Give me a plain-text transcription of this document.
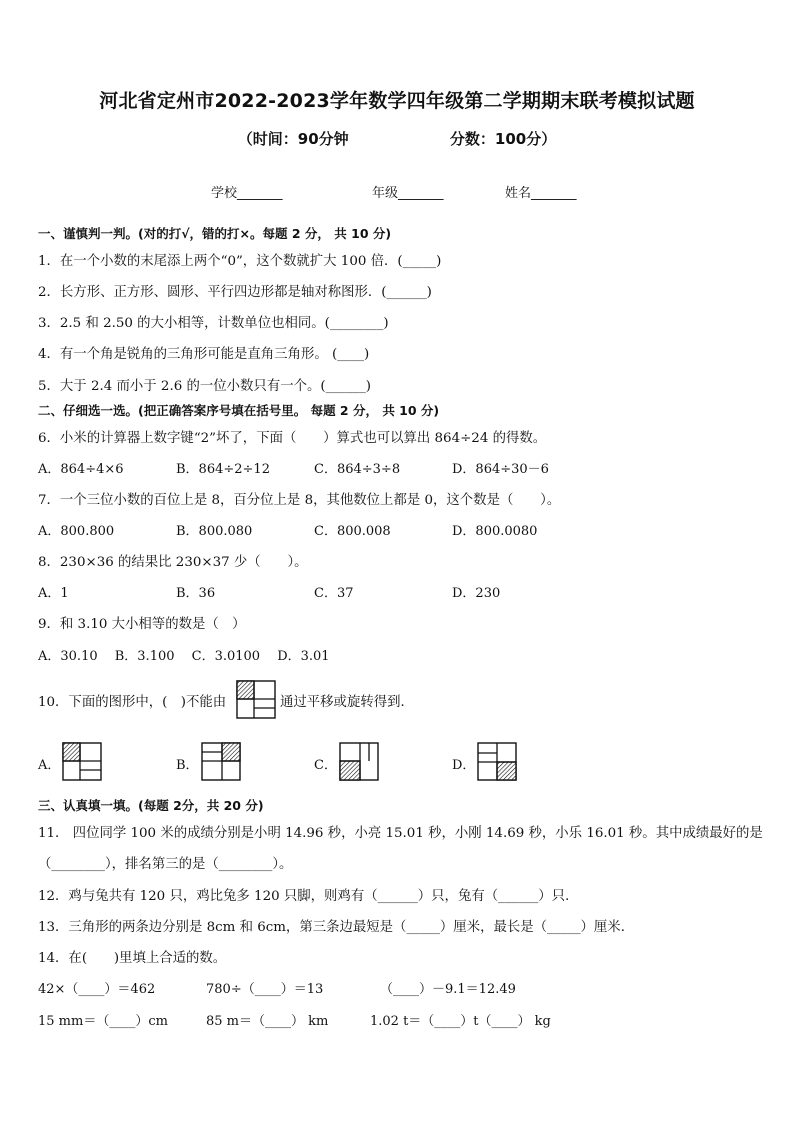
河北省定州市2022-2023学年数学四年级第二学期期末联考模拟试题
（时间：90分钟	分数：100分）
学校_______	年级_______	姓名_______
一、谨慎判一判。(对的打√，错的打×。每题 2 分， 共 10 分)
1．在一个小数的末尾添上两个“0”，这个数就扩大 100 倍．(_____)
2．长方形、正方形、圆形、平行四边形都是轴对称图形．(______)
3．2.5 和 2.50 的大小相等，计数单位也相同。(________)
4．有一个角是锐角的三角形可能是直角三角形。 (____)
5．大于 2.4 而小于 2.6 的一位小数只有一个。(______)
二、仔细选一选。(把正确答案序号填在括号里。 每题 2 分， 共 10 分)
6．小米的计算器上数字键“2”坏了，下面（　　）算式也可以算出 864÷24 的得数。
A．864÷4×6	B．864÷2÷12	C．864÷3÷8	D．864÷30－6
7．一个三位小数的百位上是 8，百分位上是 8，其他数位上都是 0，这个数是（　　）。
A．800.800	B．800.080	C．800.008	D．800.0080
8．230×36 的结果比 230×37 少（　　）。
A．1	B．36	C．37	D．230
9．和 3.10 大小相等的数是（　）
A．30.10　 B．3.100　 C．3.0100　 D．3.01
10．下面的图形中，(　)不能由	通过平移或旋转得到．
A．	B．	C．	D．
三、认真填一填。(每题 2分，共 20 分)
11． 四位同学 100 米的成绩分别是小明 14.96 秒，小亮 15.01 秒，小刚 14.69 秒，小乐 16.01 秒。其中成绩最好的是
（________），排名第三的是（________）。
12．鸡与兔共有 120 只，鸡比兔多 120 只脚，则鸡有（______）只，兔有（______）只．
13．三角形的两条边分别是 8cm 和 6cm，第三条边最短是（_____）厘米，最长是（_____）厘米．
14．在(　　)里填上合适的数。
42×（____）＝462	780÷（____）＝13	（____）－9.1＝12.49
15 mm＝（____）cm	85 m＝（____） km	1.02 t＝（____）t（____） kg
